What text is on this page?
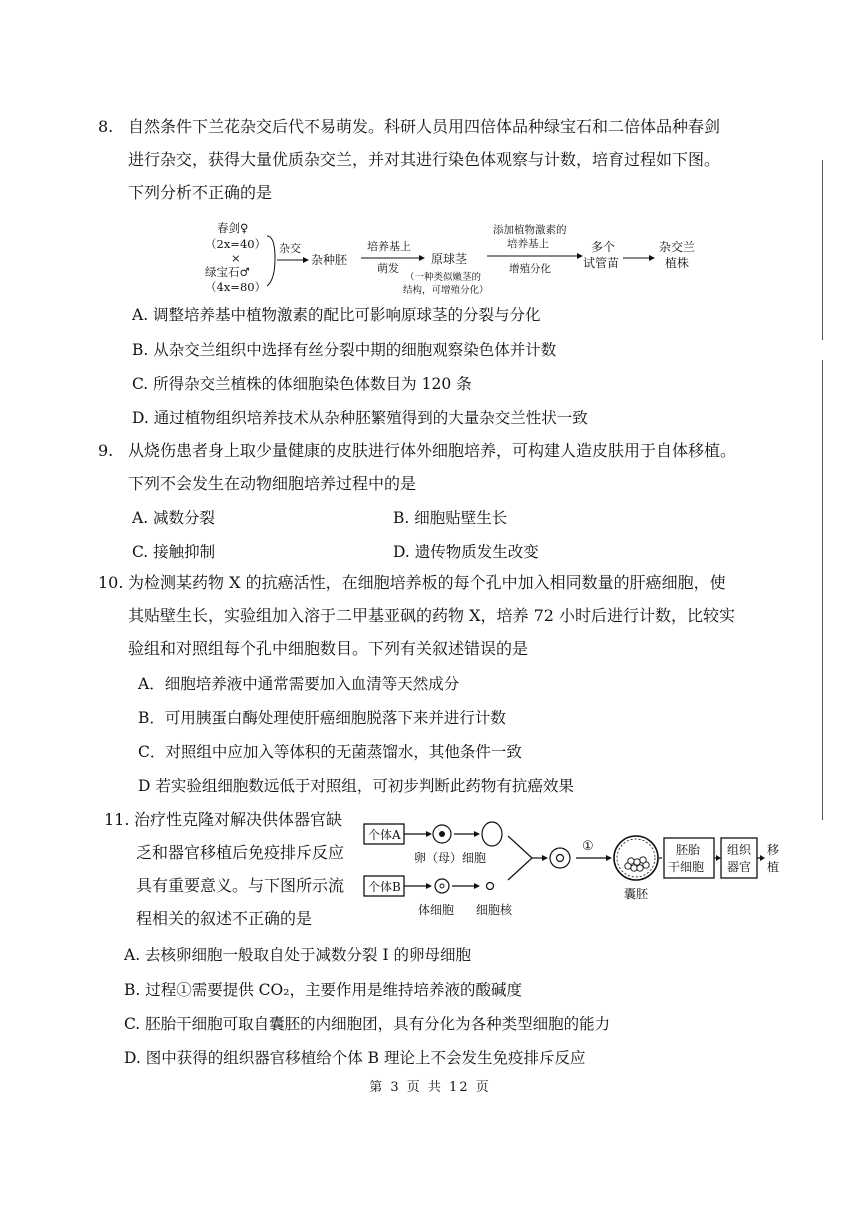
8. 自然条件下兰花杂交后代不易萌发。科研人员用四倍体品种绿宝石和二倍体品种春剑
进行杂交，获得大量优质杂交兰，并对其进行染色体观察与计数，培育过程如下图。
下列分析不正确的是
春剑♀
（2x=40）
×
绿宝石♂
（4x=80）
杂交
杂种胚
培养基上
萌发
原球茎
（一种类似嫩茎的
结构，可增殖分化）
添加植物激素的
培养基上
增殖分化
多个
试管苗
杂交兰
植株
A. 调整培养基中植物激素的配比可影响原球茎的分裂与分化
B. 从杂交兰组织中选择有丝分裂中期的细胞观察染色体并计数
C. 所得杂交兰植株的体细胞染色体数目为 120 条
D. 通过植物组织培养技术从杂种胚繁殖得到的大量杂交兰性状一致
9. 从烧伤患者身上取少量健康的皮肤进行体外细胞培养，可构建人造皮肤用于自体移植。
下列不会发生在动物细胞培养过程中的是
A. 减数分裂	B. 细胞贴壁生长
C. 接触抑制	D. 遗传物质发生改变
10. 为检测某药物 X 的抗癌活性，在细胞培养板的每个孔中加入相同数量的肝癌细胞，使
其贴壁生长，实验组加入溶于二甲基亚砜的药物 X，培养 72 小时后进行计数，比较实
验组和对照组每个孔中细胞数目。下列有关叙述错误的是
A．细胞培养液中通常需要加入血清等天然成分
B．可用胰蛋白酶处理使肝癌细胞脱落下来并进行计数
C．对照组中应加入等体积的无菌蒸馏水，其他条件一致
D 若实验组细胞数远低于对照组，可初步判断此药物有抗癌效果
11. 治疗性克隆对解决供体器官缺
乏和器官移植后免疫排斥反应
具有重要意义。与下图所示流
程相关的叙述不正确的是
个体A
卵（母）细胞
个体B
体细胞 细胞核
①
囊胚
胚胎
干细胞
组织
器官
移
植
A. 去核卵细胞一般取自处于减数分裂 I 的卵母细胞
B. 过程①需要提供 CO₂，主要作用是维持培养液的酸碱度
C. 胚胎干细胞可取自囊胚的内细胞团，具有分化为各种类型细胞的能力
D. 图中获得的组织器官移植给个体 B 理论上不会发生免疫排斥反应
第 3 页 共 12 页
